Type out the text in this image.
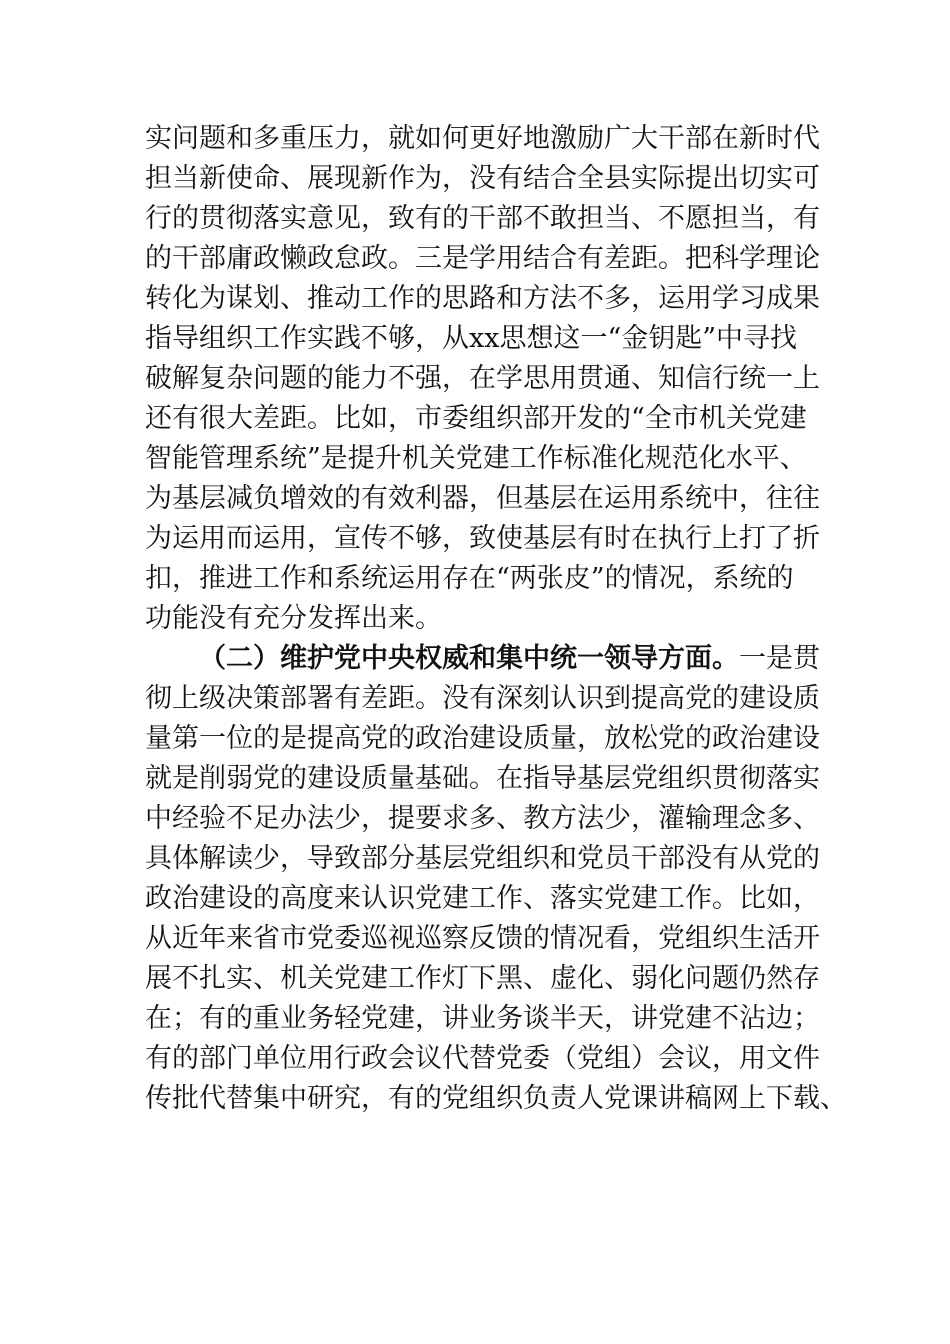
实问题和多重压力，就如何更好地激励广大干部在新时代
担当新使命、展现新作为，没有结合全县实际提出切实可
行的贯彻落实意见，致有的干部不敢担当、不愿担当，有
的干部庸政懒政怠政。三是学用结合有差距。把科学理论
转化为谋划、推动工作的思路和方法不多，运用学习成果
指导组织工作实践不够，从xx思想这一“金钥匙”中寻找
破解复杂问题的能力不强，在学思用贯通、知信行统一上
还有很大差距。比如，市委组织部开发的“全市机关党建
智能管理系统”是提升机关党建工作标准化规范化水平、
为基层减负增效的有效利器，但基层在运用系统中，往往
为运用而运用，宣传不够，致使基层有时在执行上打了折
扣，推进工作和系统运用存在“两张皮”的情况，系统的
功能没有充分发挥出来。
（二）维护党中央权威和集中统一领导方面。一是贯
彻上级决策部署有差距。没有深刻认识到提高党的建设质
量第一位的是提高党的政治建设质量，放松党的政治建设
就是削弱党的建设质量基础。在指导基层党组织贯彻落实
中经验不足办法少，提要求多、教方法少，灌输理念多、
具体解读少，导致部分基层党组织和党员干部没有从党的
政治建设的高度来认识党建工作、落实党建工作。比如，
从近年来省市党委巡视巡察反馈的情况看，党组织生活开
展不扎实、机关党建工作灯下黑、虚化、弱化问题仍然存
在；有的重业务轻党建，讲业务谈半天，讲党建不沾边；
有的部门单位用行政会议代替党委（党组）会议，用文件
传批代替集中研究，有的党组织负责人党课讲稿网上下载、
